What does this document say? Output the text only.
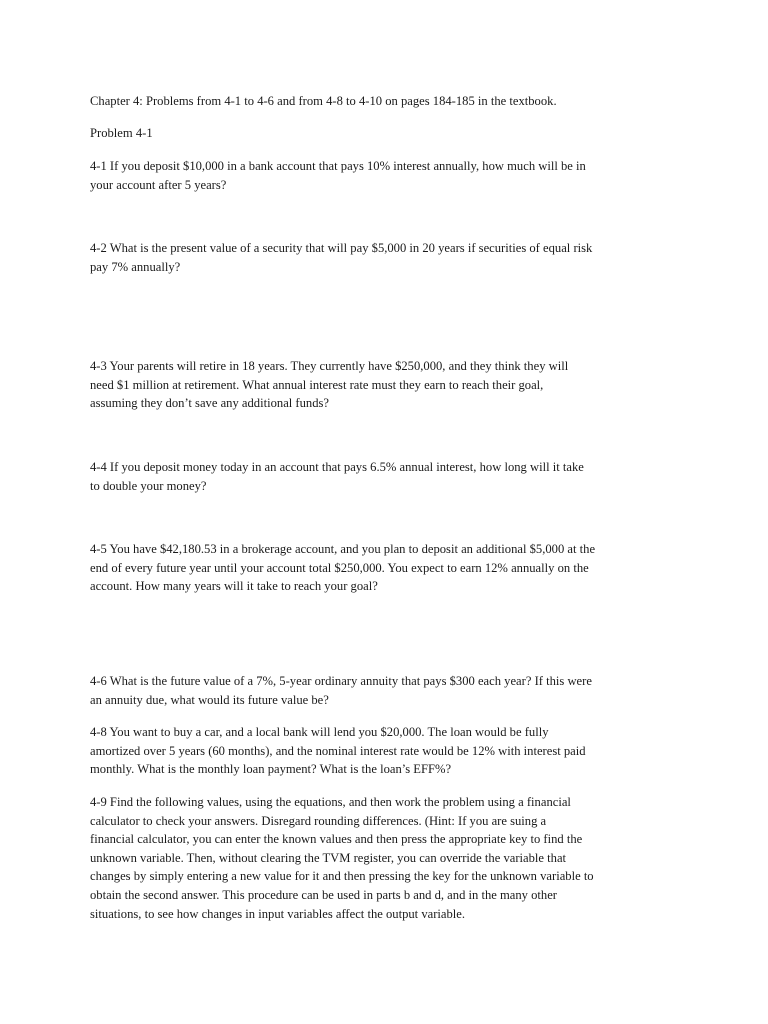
Chapter 4: Problems from 4-1 to 4-6 and from 4-8 to 4-10 on pages 184-185 in the textbook.
Problem 4-1
4-1 If you deposit $10,000 in a bank account that pays 10% interest annually, how much will be in
your account after 5 years?
4-2 What is the present value of a security that will pay $5,000 in 20 years if securities of equal risk
pay 7% annually?
4-3 Your parents will retire in 18 years. They currently have $250,000, and they think they will
need $1 million at retirement. What annual interest rate must they earn to reach their goal,
assuming they don’t save any additional funds?
4-4 If you deposit money today in an account that pays 6.5% annual interest, how long will it take
to double your money?
4-5 You have $42,180.53 in a brokerage account, and you plan to deposit an additional $5,000 at the
end of every future year until your account total $250,000. You expect to earn 12% annually on the
account. How many years will it take to reach your goal?
4-6 What is the future value of a 7%, 5-year ordinary annuity that pays $300 each year? If this were
an annuity due, what would its future value be?
4-8 You want to buy a car, and a local bank will lend you $20,000. The loan would be fully
amortized over 5 years (60 months), and the nominal interest rate would be 12% with interest paid
monthly. What is the monthly loan payment? What is the loan’s EFF%?
4-9 Find the following values, using the equations, and then work the problem using a financial
calculator to check your answers. Disregard rounding differences. (Hint: If you are suing a
financial calculator, you can enter the known values and then press the appropriate key to find the
unknown variable. Then, without clearing the TVM register, you can override the variable that
changes by simply entering a new value for it and then pressing the key for the unknown variable to
obtain the second answer. This procedure can be used in parts b and d, and in the many other
situations, to see how changes in input variables affect the output variable.
